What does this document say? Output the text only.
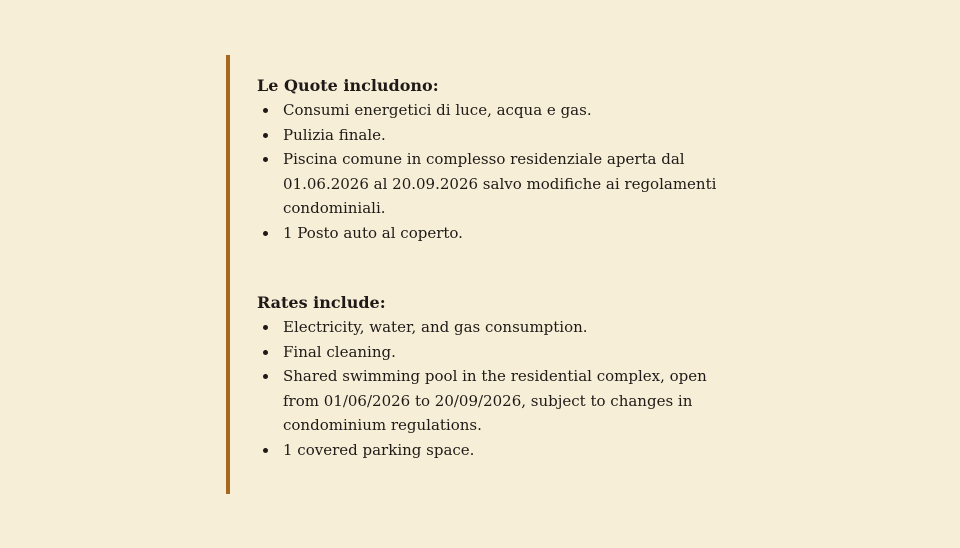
Le Quote includono:
Consumi energetici di luce, acqua e gas.
Pulizia finale.
Piscina comune in complesso residenziale aperta dal 01.06.2026 al 20.09.2026 salvo modifiche ai regolamenti condominiali.
1 Posto auto al coperto.
Rates include:
Electricity, water, and gas consumption.
Final cleaning.
Shared swimming pool in the residential complex, open from 01/06/2026 to 20/09/2026, subject to changes in condominium regulations.
1 covered parking space.
